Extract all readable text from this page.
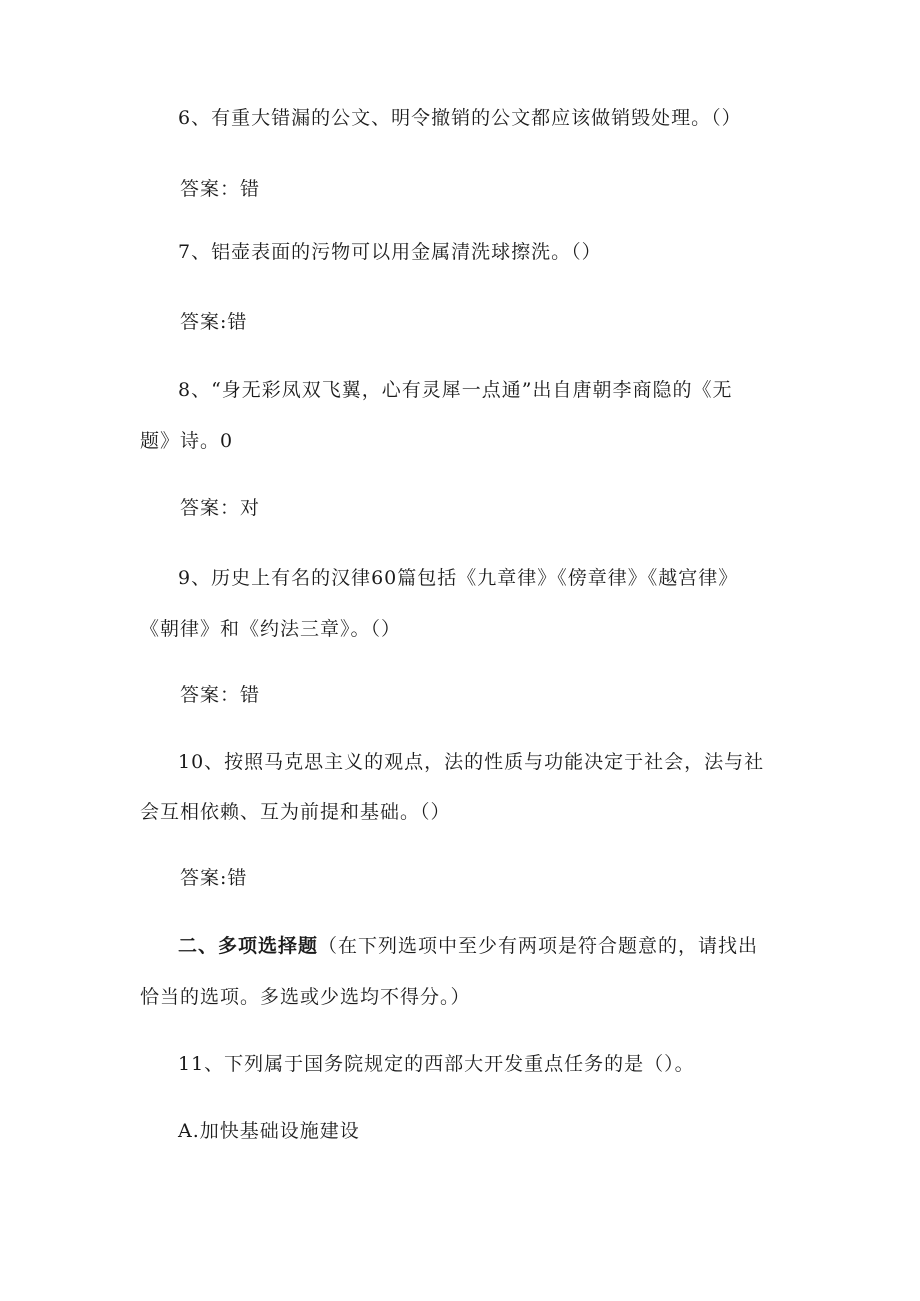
6、有重大错漏的公文、明令撤销的公文都应该做销毁处理。（）
答案：错
7、铝壶表面的污物可以用金属清洗球擦洗。（）
答案:错
8、“身无彩凤双飞翼，心有灵犀一点通”出自唐朝李商隐的《无
题》诗。0
答案：对
9、历史上有名的汉律60篇包括《九章律》《傍章律》《越宫律》
《朝律》和《约法三章》。（）
答案：错
10、按照马克思主义的观点，法的性质与功能决定于社会，法与社
会互相依赖、互为前提和基础。（）
答案:错
二、多项选择题（在下列选项中至少有两项是符合题意的，请找出
恰当的选项。多选或少选均不得分。）
11、下列属于国务院规定的西部大开发重点任务的是（）。
A.加快基础设施建设
